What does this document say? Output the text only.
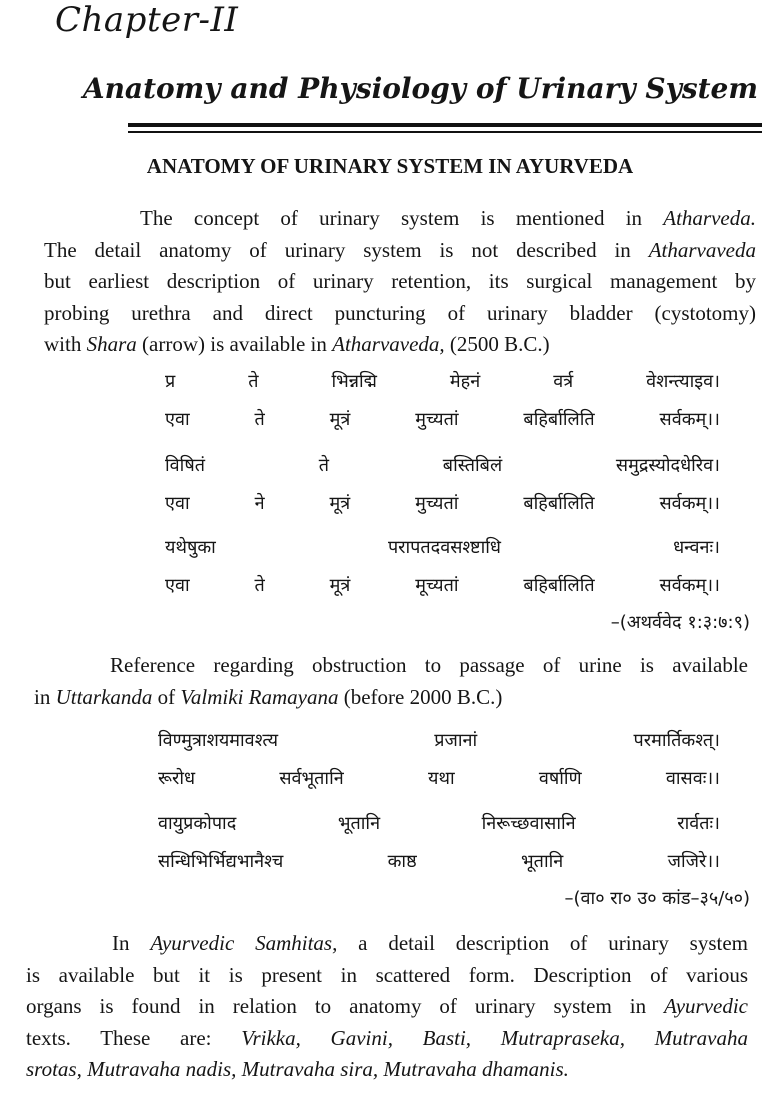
Chapter-II
Anatomy and Physiology of Urinary System
ANATOMY OF URINARY SYSTEM IN AYURVEDA
The concept of urinary system is mentioned in Atharveda.
The detail anatomy of urinary system is not described in Atharvaveda
but earliest description of urinary retention, its surgical management by
probing urethra and direct puncturing of urinary bladder (cystotomy)
with Shara (arrow) is available in Atharvaveda, (2500 B.C.)
प्र	ते	भिन्नद्मि	मेहनं	वर्त्र	वेशन्त्याइव।
एवा	ते	मूत्रं	मुच्यतां	बहिर्बालिति	सर्वकम्।।
विषितं	ते	बस्तिबिलं	समुद्रस्योदधेरिव।
एवा	ने	मूत्रं	मुच्यतां	बहिर्बालिति	सर्वकम्।।
यथेषुका	परापतदवसश्ष्टाधि	धन्वनः।
एवा	ते	मूत्रं	मूच्यतां	बहिर्बालिति	सर्वकम्।।
–(अथर्ववेद १:३:७:९)
Reference regarding obstruction to passage of urine is available
in Uttarkanda of Valmiki Ramayana (before 2000 B.C.)
विण्मुत्राशयमावश्त्य	प्रजानां	परमार्तिकश्त्।
रूरोध	सर्वभूतानि	यथा	वर्षाणि	वासवः।।
वायुप्रकोपाद	भूतानि	निरूच्छवासानि	रार्वतः।
सन्धिभिर्भिद्यभानैश्च	काष्ठ	भूतानि	जजिरे।।
–(वा० रा० उ० कांड–३५/५०)
In Ayurvedic Samhitas, a detail description of urinary system
is available but it is present in scattered form. Description of various
organs is found in relation to anatomy of urinary system in Ayurvedic
texts. These are: Vrikka, Gavini, Basti, Mutrapraseka, Mutravaha
srotas, Mutravaha nadis, Mutravaha sira, Mutravaha dhamanis.
